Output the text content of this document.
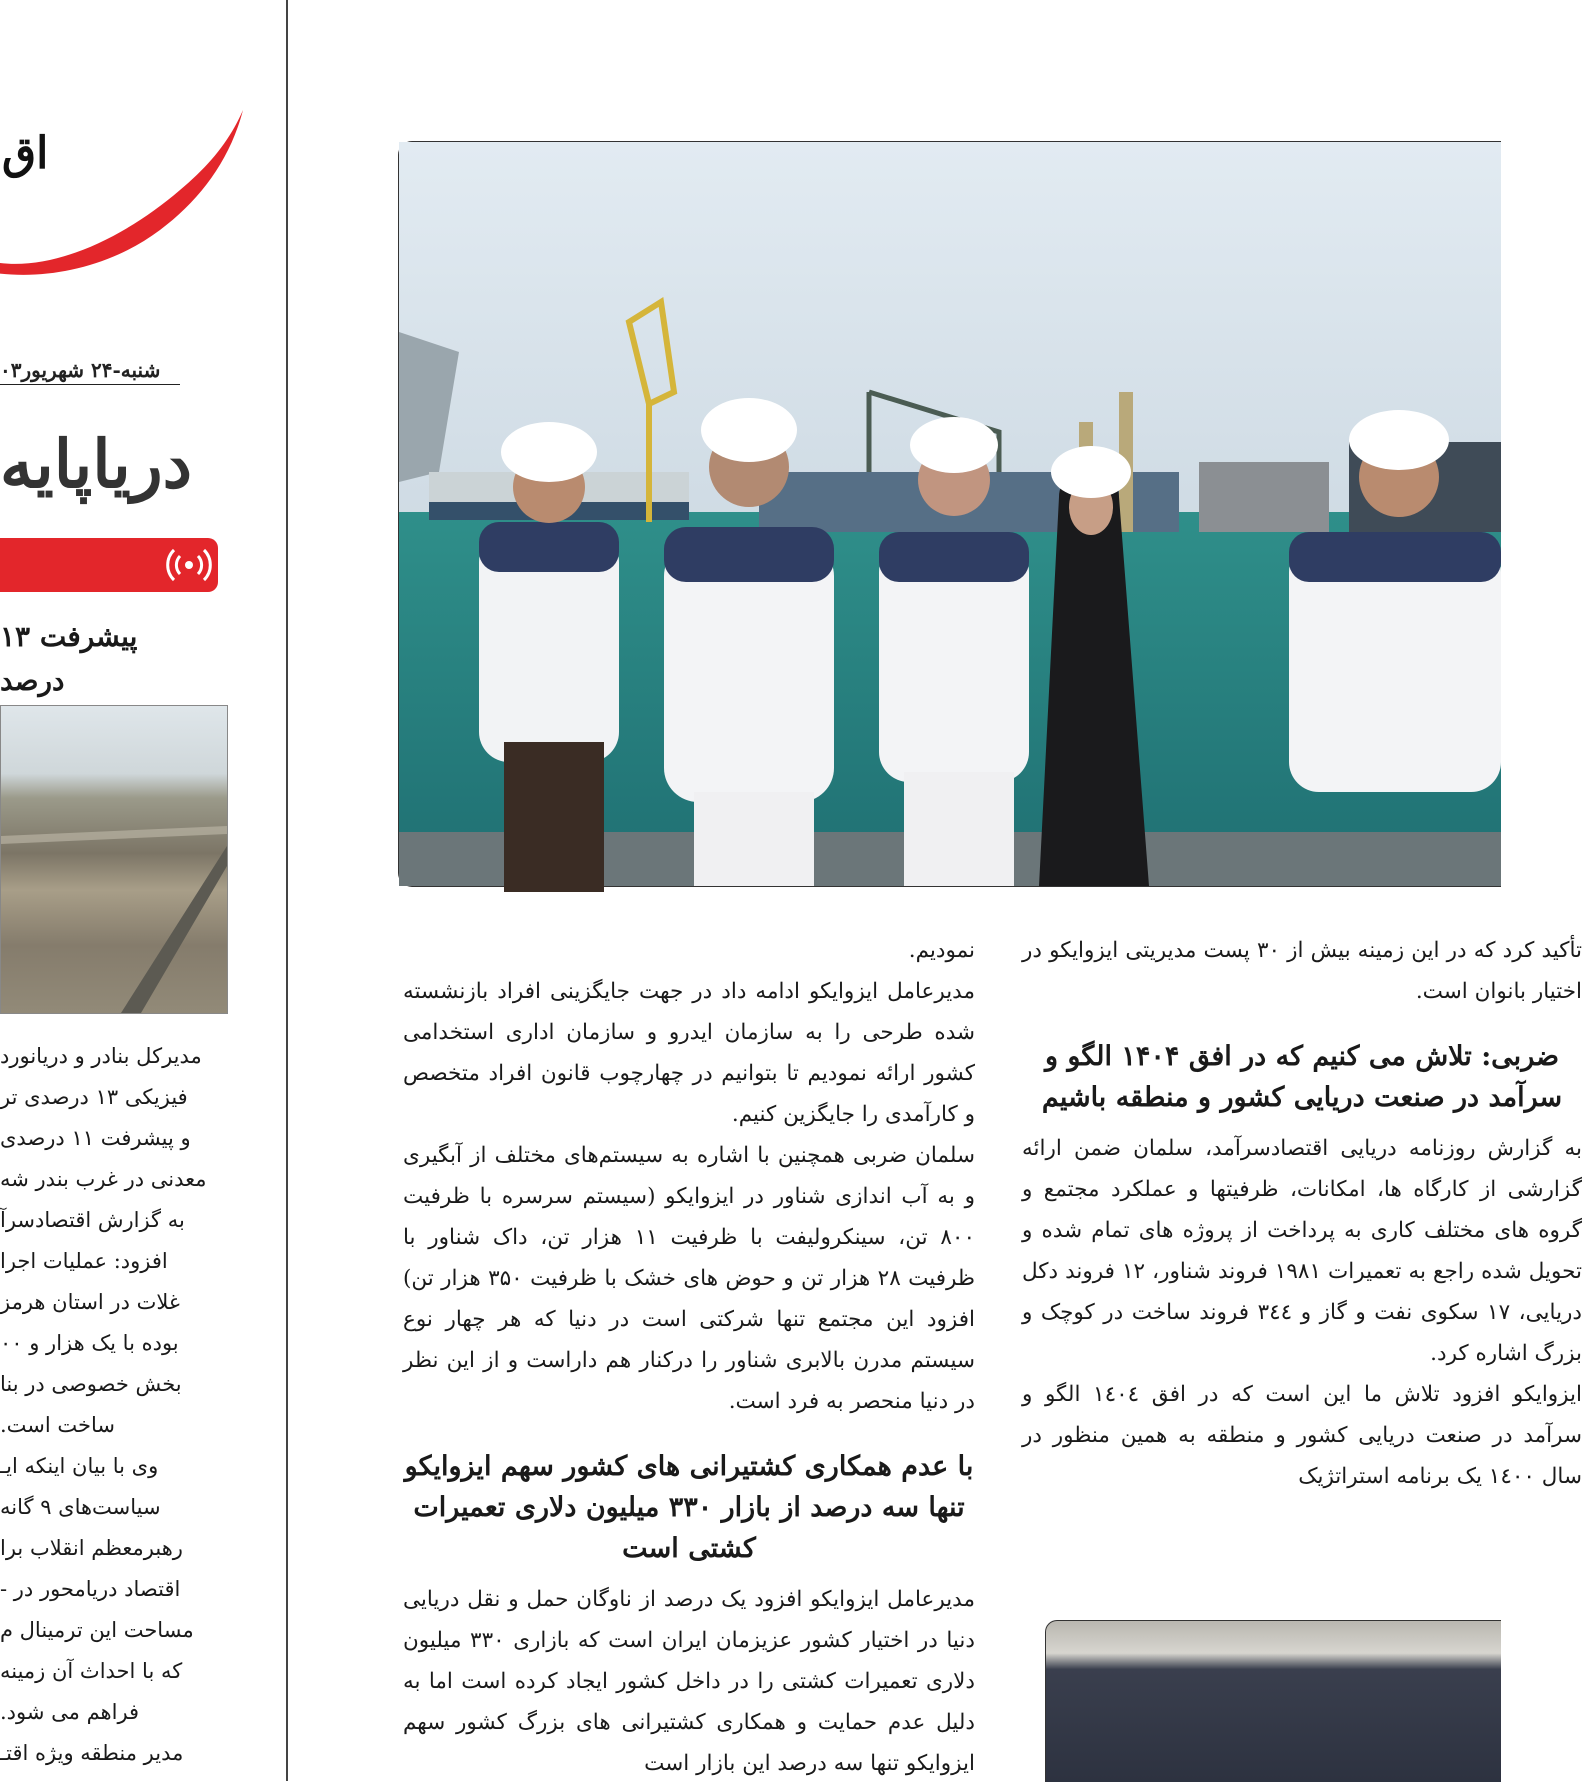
اق
شنبه-۲۴ شهریور۰۳
دریاپایه
پیشرفت ۱۳ درصد
مدیرکل بنادر و دریانورد
فیزیکی ۱۳ درصدی تر
و پیشرفت ۱۱ درصدی
معدنی در غرب بندر شه
به گزارش اقتصادسرآ
افزود: عملیات اجرا
غلات در استان هرمز
بوده با یک هزار و ۰۰
بخش خصوصی در بنا
ساخت است.
وی با بیان اینکه ایـ
سیاست‌های ۹ گانه
رهبرمعظم انقلاب برا
اقتصاد دریامحور در -
مساحت این ترمینال م
که با احداث آن زمینه
فراهم می شود.
مدیر منطقه ویژه اقتـ

نمودیم.

مدیرعامل ایزوایکو ادامه داد در جهت جایگزینی افراد بازنشسته شده طرحی را به سازمان ایدرو و سازمان اداری استخدامی کشور ارائه نمودیم تا بتوانیم در چهارچوب قانون افراد متخصص و کارآمدی را جایگزین کنیم.

سلمان ضربی همچنین با اشاره به سیستم‌های مختلف از آبگیری و به آب اندازی شناور در ایزوایکو (سیستم سرسره با ظرفیت ۸۰۰ تن، سینکرولیفت با ظرفیت ۱۱ هزار تن، داک شناور با ظرفیت ۲۸ هزار تن و حوض های خشک با ظرفیت ۳۵۰ هزار تن) افزود این مجتمع تنها شرکتی است در دنیا که هر چهار نوع سیستم مدرن بالابری شناور را درکنار هم داراست و از این نظر در دنیا منحصر به فرد است.

با عدم همکاری کشتیرانی های کشور سهم ایزوایکو تنها سه درصد از بازار ۳۳۰ میلیون دلاری تعمیرات کشتی است

مدیرعامل ایزوایکو افزود یک درصد از ناوگان حمل و نقل دریایی دنیا در اختیار کشور عزیزمان ایران است که بازاری ۳۳۰ میلیون دلاری تعمیرات کشتی را در داخل کشور ایجاد کرده است اما به دلیل عدم حمایت و همکاری کشتیرانی های بزرگ کشور سهم ایزوایکو تنها سه درصد این بازار است

تأکید کرد که در این زمینه بیش از ۳۰ پست مدیریتی ایزوایکو در اختیار بانوان است.

ضربی: تلاش می کنیم که در افق ۱۴۰۴ الگو و سرآمد در صنعت دریایی کشور و منطقه باشیم

به گزارش روزنامه دریایی اقتصادسرآمد، سلمان ضمن ارائه گزارشی از کارگاه ها، امکانات، ظرفیتها و عملکرد مجتمع و گروه های مختلف کاری به پرداخت از پروژه های تمام شده و تحویل شده راجع به تعمیرات ۱۹۸۱ فروند شناور، ۱۲ فروند دکل دریایی، ۱۷ سکوی نفت و گاز و ۳٤٤ فروند ساخت در کوچک و بزرگ اشاره کرد.

ایزوایکو افزود تلاش ما این است که در افق ١٤٠٤ الگو و سرآمد در صنعت دریایی کشور و منطقه به همین منظور در سال ١٤٠٠ یک برنامه استراتژیک
